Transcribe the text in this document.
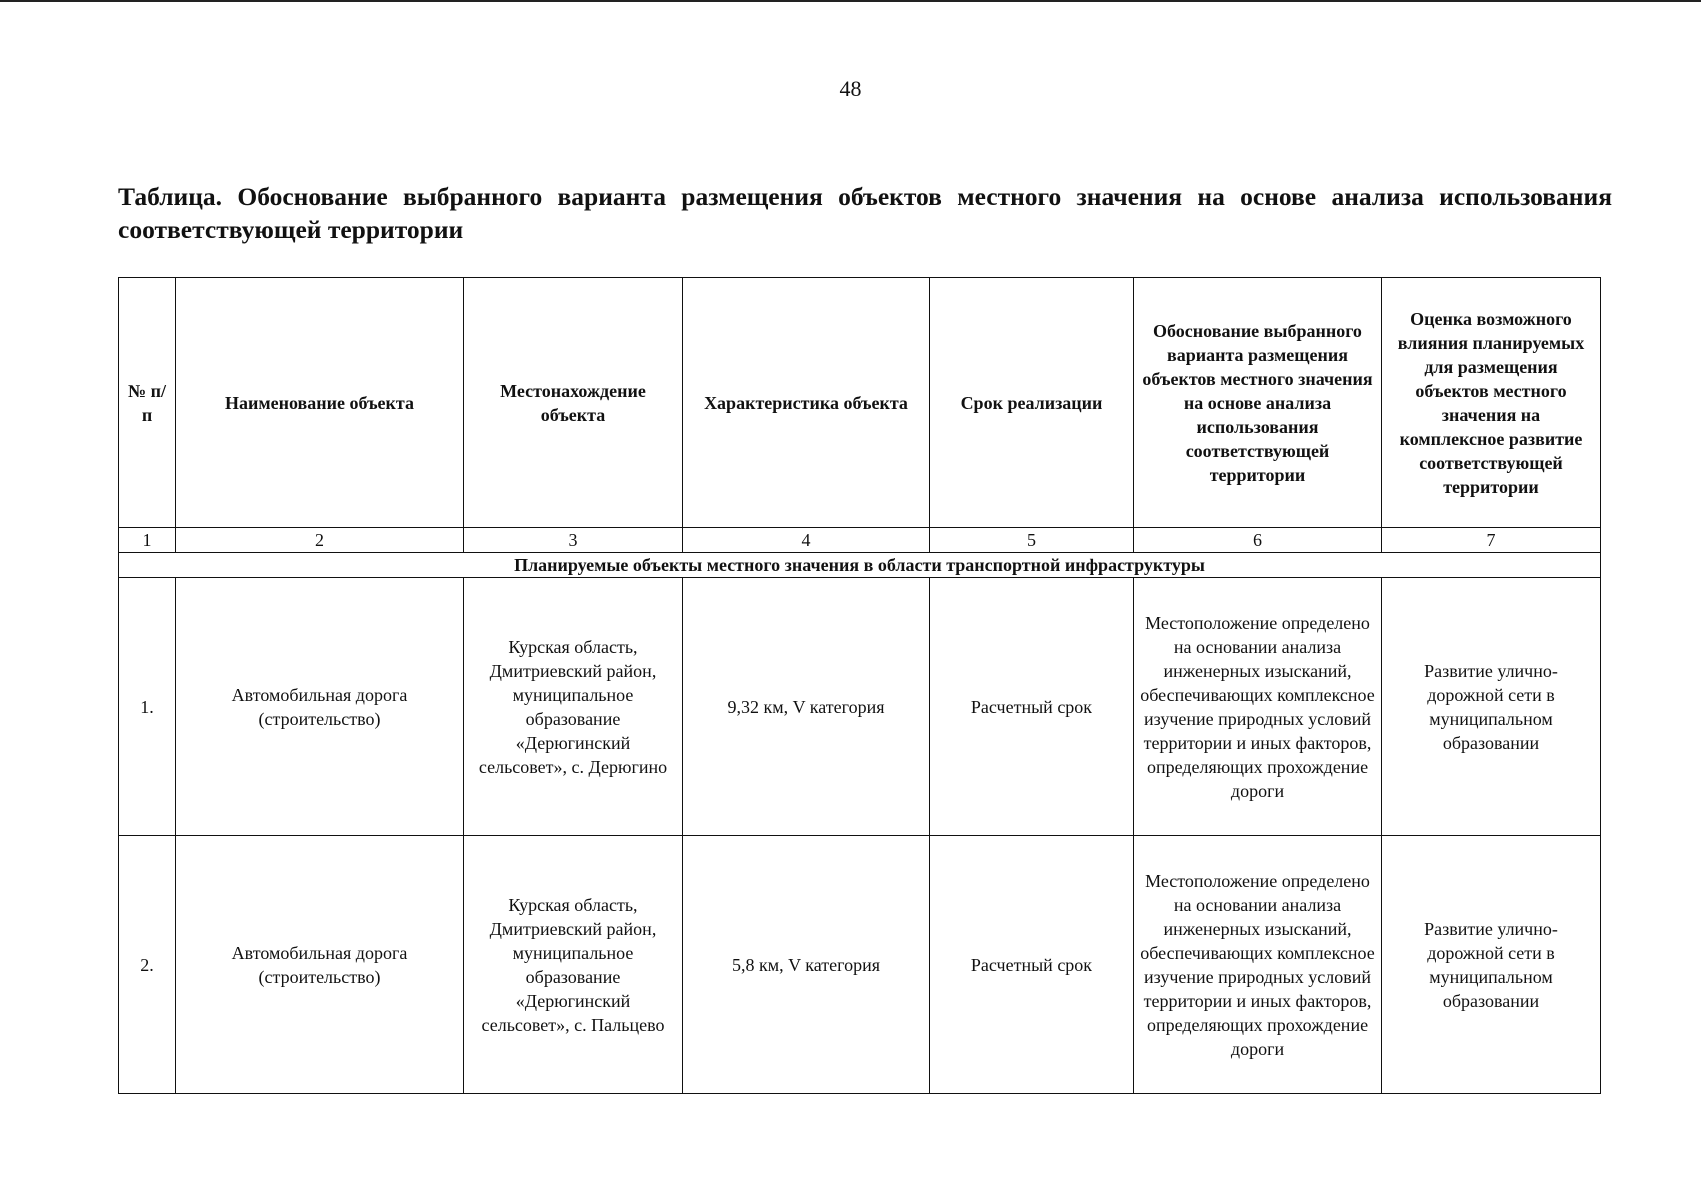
48
Таблица. Обоснование выбранного варианта размещения объектов местного значения на основе анализа использования соответствующей территории
№ п/п	Наименование объекта	Местонахождение объекта	Характеристика объекта	Срок реализации	Обоснование выбранного варианта размещения объектов местного значения на основе анализа использования соответствующей территории	Оценка возможного влияния планируемых для размещения объектов местного значения на комплексное развитие соответствующей территории
1	2	3	4	5	6	7
Планируемые объекты местного значения в области транспортной инфраструктуры						
1.	Автомобильная дорога (строительство)	Курская область, Дмитриевский район, муниципальное образование «Дерюгинский сельсовет», с. Дерюгино	9,32 км, V категория	Расчетный срок	Местоположение определено на основании анализа инженерных изысканий, обеспечивающих комплексное изучение природных условий территории и иных факторов, определяющих прохождение дороги	Развитие улично-дорожной сети в муниципальном образовании
2.	Автомобильная дорога (строительство)	Курская область, Дмитриевский район, муниципальное образование «Дерюгинский сельсовет», с. Пальцево	5,8 км, V категория	Расчетный срок	Местоположение определено на основании анализа инженерных изысканий, обеспечивающих комплексное изучение природных условий территории и иных факторов, определяющих прохождение дороги	Развитие улично-дорожной сети в муниципальном образовании
